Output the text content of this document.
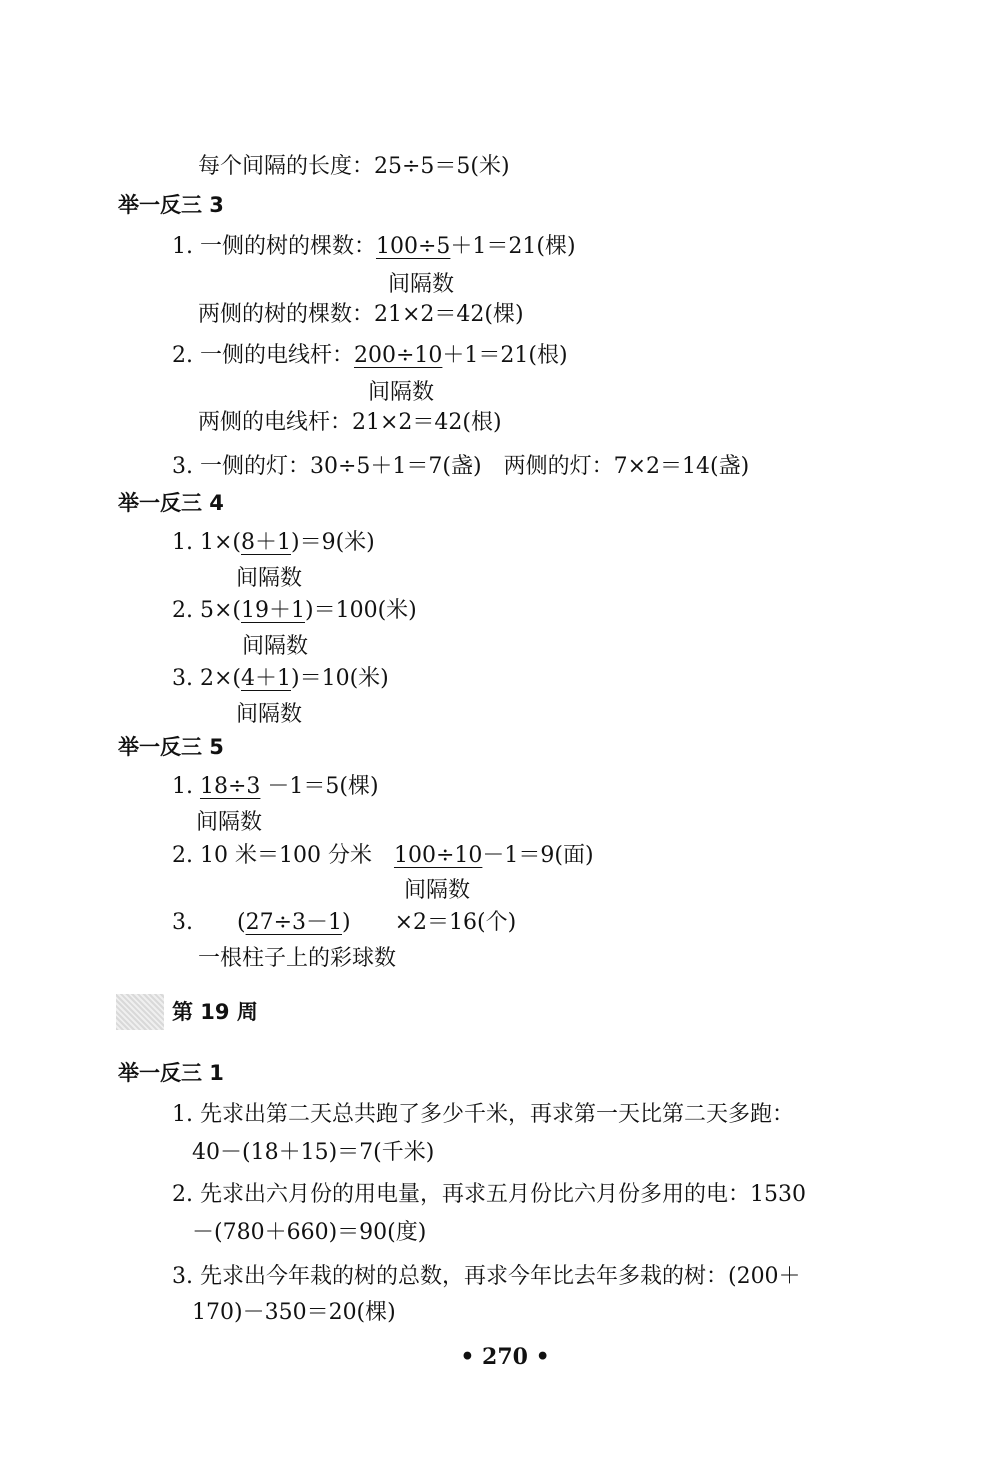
每个间隔的长度：25÷5＝5(米)
举一反三 3
1. 一侧的树的棵数：100÷5＋1＝21(棵)
间隔数
两侧的树的棵数：21×2＝42(棵)
2. 一侧的电线杆：200÷10＋1＝21(根)
间隔数
两侧的电线杆：21×2＝42(根)
3. 一侧的灯：30÷5＋1＝7(盏)　两侧的灯：7×2＝14(盏)
举一反三 4
1. 1×(8＋1)＝9(米)
间隔数
2. 5×(19＋1)＝100(米)
间隔数
3. 2×(4＋1)＝10(米)
间隔数
举一反三 5
1. 18÷3 －1＝5(棵)
间隔数
2. 10 米＝100 分米　100÷10－1＝9(面)
间隔数
3.　　(27÷3－1)　　×2＝16(个)
一根柱子上的彩球数
第 19 周
举一反三 1
1. 先求出第二天总共跑了多少千米，再求第一天比第二天多跑：
40－(18＋15)＝7(千米)
2. 先求出六月份的用电量，再求五月份比六月份多用的电：1530
－(780＋660)＝90(度)
3. 先求出今年栽的树的总数，再求今年比去年多栽的树：(200＋
170)－350＝20(棵)
• 270 •
